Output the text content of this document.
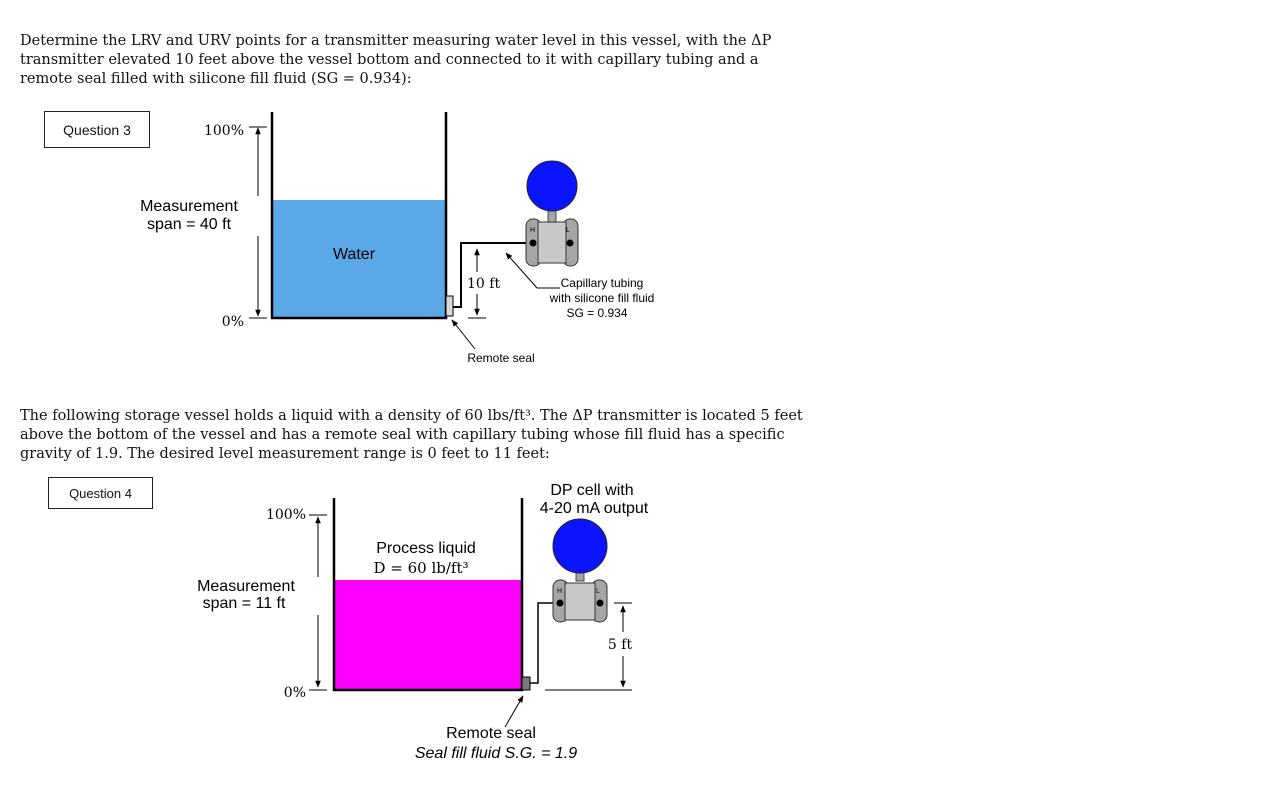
Determine the LRV and URV points for a transmitter measuring water level in this vessel, with the ΔP transmitter elevated 10 feet above the vessel bottom and connected to it with capillary tubing and a remote seal filled with silicone fill fluid (SG = 0.934):

The following storage vessel holds a liquid with a density of 60 lbs/ft³. The ΔP transmitter is located 5 feet above the bottom of the vessel and has a remote seal with capillary tubing whose fill fluid has a specific gravity of 1.9. The desired level measurement range is 0 feet to 11 feet:

Question 3
Question 4
100%
0%
Measurement
span = 40 ft
Water
10 ft
H	L
Capillary tubing
with silicone fill fluid
SG = 0.934
Remote seal
100%
0%
Measurement
span = 11 ft
Process liquid
D = 60 lb/ft³
H	L
DP cell with
4-20 mA output
5 ft
Remote seal
Seal fill fluid S.G. = 1.9
